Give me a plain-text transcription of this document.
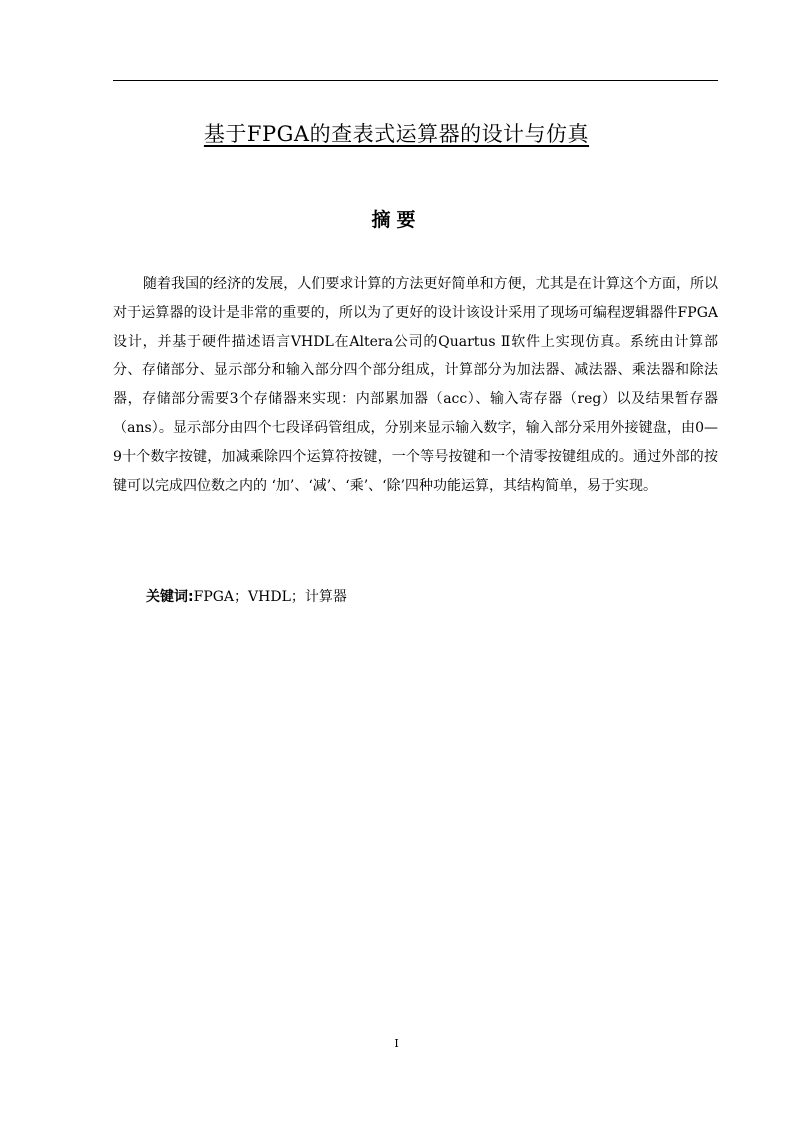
基于FPGA的查表式运算器的设计与仿真
摘要

随着我国的经济的发展，人们要求计算的方法更好简单和方便，尤其是在计算这个方面，所以对于运算器的设计是非常的重要的，所以为了更好的设计该设计采用了现场可编程逻辑器件FPGA设计，并基于硬件描述语言VHDL在Altera公司的Quartus Ⅱ软件上实现仿真。系统由计算部分、存储部分、显示部分和输入部分四个部分组成，计算部分为加法器、减法器、乘法器和除法器，存储部分需要3个存储器来实现：内部累加器（acc）、输入寄存器（reg）以及结果暂存器（ans）。显示部分由四个七段译码管组成，分别来显示输入数字，输入部分采用外接键盘，由0—9十个数字按键，加减乘除四个运算符按键，一个等号按键和一个清零按键组成的。通过外部的按键可以完成四位数之内的 ‘加’、‘减’、‘乘’、‘除’四种功能运算，其结构简单，易于实现。

关键词:FPGA；VHDL；计算器
I
